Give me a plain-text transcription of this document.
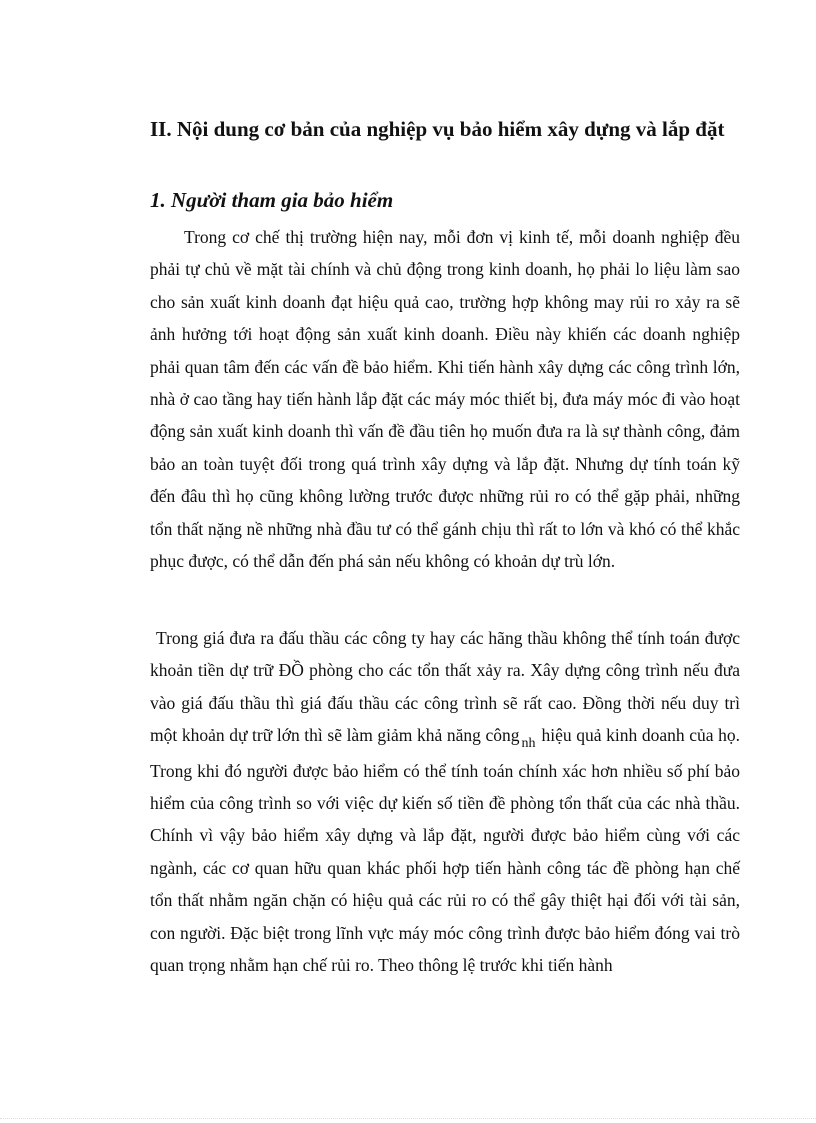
II. Nội dung cơ bản của nghiệp vụ bảo hiểm xây dựng và lắp đặt
1. Người tham gia bảo hiểm

Trong cơ chế thị trường hiện nay, mỗi đơn vị kinh tế, mỗi doanh nghiệp đều phải tự chủ về mặt tài chính và chủ động trong kinh doanh, họ phải lo liệu làm sao cho sản xuất kinh doanh đạt hiệu quả cao, trường hợp không may rủi ro xảy ra sẽ ảnh hưởng tới hoạt động sản xuất kinh doanh. Điều này khiến các doanh nghiệp phải quan tâm đến các vấn đề bảo hiểm. Khi tiến hành xây dựng các công trình lớn, nhà ở cao tầng hay tiến hành lắp đặt các máy móc thiết bị, đưa máy móc đi vào hoạt động sản xuất kinh doanh thì vấn đề đầu tiên họ muốn đưa ra là sự thành công, đảm bảo an toàn tuyệt đối trong quá trình xây dựng và lắp đặt. Nhưng dự tính toán kỹ đến đâu thì họ cũng không lường trước được những rủi ro có thể gặp phải, những tổn thất nặng nề những nhà đầu tư có thể gánh chịu thì rất to lớn và khó có thể khắc phục được, có thể dẫn đến phá sản nếu không có khoản dự trù lớn.

Trong giá đưa ra đấu thầu các công ty hay các hãng thầu không thể tính toán được khoản tiền dự trữ ĐỒ phòng cho các tổn thất xảy ra. Xây dựng công trình nếu đưa vào giá đấu thầu thì giá đấu thầu các công trình sẽ rất cao. Đồng thời nếu duy trì một khoản dự trữ lớn thì sẽ làm giảm khả năng công $_{nh}$ hiệu quả kinh doanh của họ. Trong khi đó người được bảo hiểm có thể tính toán chính xác hơn nhiều số phí bảo hiểm của công trình so với việc dự kiến số tiền đề phòng tổn thất của các nhà thầu. Chính vì vậy bảo hiểm xây dựng và lắp đặt, người được bảo hiểm cùng với các ngành, các cơ quan hữu quan khác phối hợp tiến hành công tác đề phòng hạn chế tổn thất nhằm ngăn chặn có hiệu quả các rủi ro có thể gây thiệt hại đối với tài sản, con người. Đặc biệt trong lĩnh vực máy móc công trình được bảo hiểm đóng vai trò quan trọng nhằm hạn chế rủi ro. Theo thông lệ trước khi tiến hành
